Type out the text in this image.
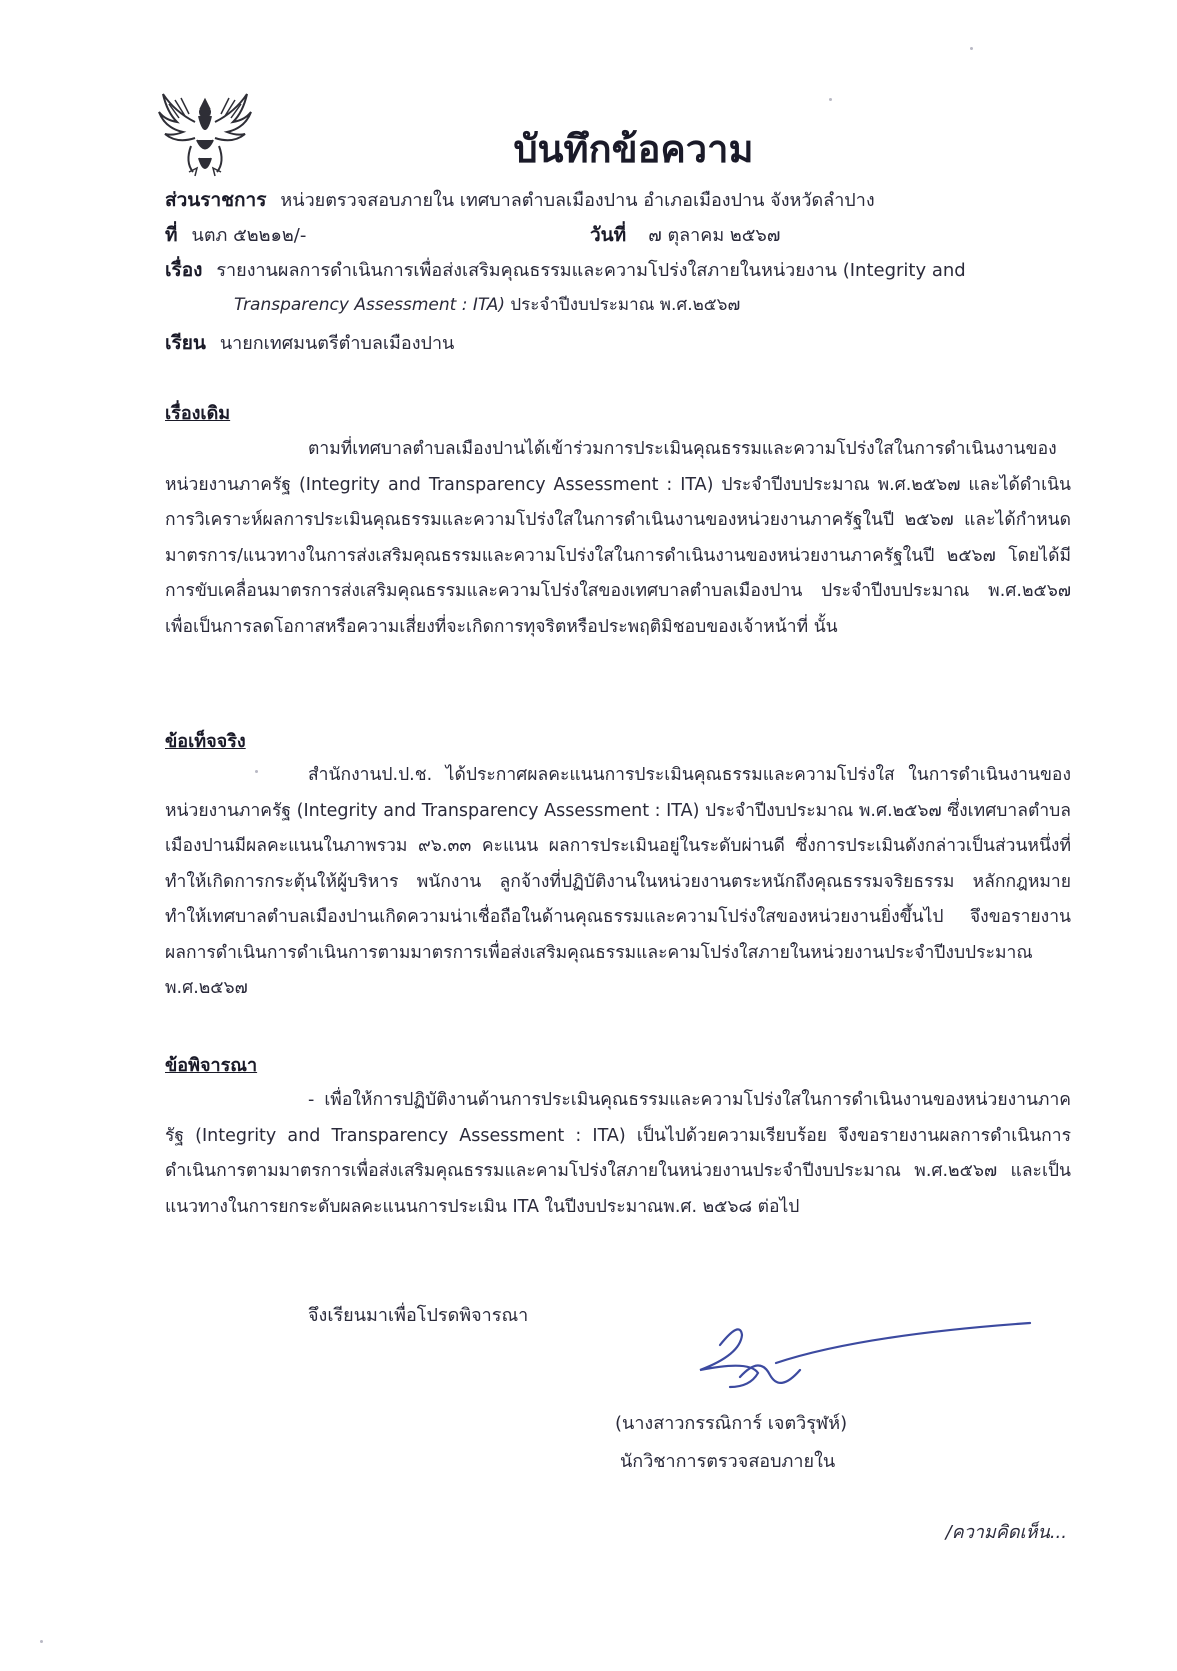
บันทึกข้อความ
ส่วนราชการ หน่วยตรวจสอบภายใน เทศบาลตำบลเมืองปาน อำเภอเมืองปาน จังหวัดลำปาง
ที่ นตภ ๕๒๒๑๒/-	วันที่ ๗ ตุลาคม ๒๕๖๗
เรื่อง รายงานผลการดำเนินการเพื่อส่งเสริมคุณธรรมและความโปร่งใสภายในหน่วยงาน (Integrity and
Transparency Assessment : ITA) ประจำปีงบประมาณ พ.ศ.๒๕๖๗
เรียน นายกเทศมนตรีตำบลเมืองปาน
เรื่องเดิม
ตามที่เทศบาลตำบลเมืองปานได้เข้าร่วมการประเมินคุณธรรมและความโปร่งใสในการดำเนินงานของหน่วยงานภาครัฐ (Integrity and Transparency Assessment : ITA) ประจำปีงบประมาณ พ.ศ.๒๕๖๗ และได้ดำเนินการวิเคราะห์ผลการประเมินคุณธรรมและความโปร่งใสในการดำเนินงานของหน่วยงานภาครัฐในปี ๒๕๖๗ และได้กำหนดมาตรการ/แนวทางในการส่งเสริมคุณธรรมและความโปร่งใสในการดำเนินงานของหน่วยงานภาครัฐในปี ๒๕๖๗ โดยได้มีการขับเคลื่อนมาตรการส่งเสริมคุณธรรมและความโปร่งใสของเทศบาลตำบลเมืองปาน ประจำปีงบประมาณ พ.ศ.๒๕๖๗ เพื่อเป็นการลดโอกาสหรือความเสี่ยงที่จะเกิดการทุจริตหรือประพฤติมิชอบของเจ้าหน้าที่ นั้น
ข้อเท็จจริง
สำนักงานป.ป.ช. ได้ประกาศผลคะแนนการประเมินคุณธรรมและความโปร่งใส ในการดำเนินงานของหน่วยงานภาครัฐ (Integrity and Transparency Assessment : ITA) ประจำปีงบประมาณ พ.ศ.๒๕๖๗ ซึ่งเทศบาลตำบลเมืองปานมีผลคะแนนในภาพรวม ๙๖.๓๓ คะแนน ผลการประเมินอยู่ในระดับผ่านดี ซึ่งการประเมินดังกล่าวเป็นส่วนหนึ่งที่ทำให้เกิดการกระตุ้นให้ผู้บริหาร พนักงาน ลูกจ้างที่ปฏิบัติงานในหน่วยงานตระหนักถึงคุณธรรมจริยธรรม หลักกฎหมาย ทำให้เทศบาลตำบลเมืองปานเกิดความน่าเชื่อถือในด้านคุณธรรมและความโปร่งใสของหน่วยงานยิ่งขึ้นไป จึงขอรายงานผลการดำเนินการดำเนินการตามมาตรการเพื่อส่งเสริมคุณธรรมและคามโปร่งใสภายในหน่วยงานประจำปีงบประมาณ พ.ศ.๒๕๖๗
ข้อพิจารณา
- เพื่อให้การปฏิบัติงานด้านการประเมินคุณธรรมและความโปร่งใสในการดำเนินงานของหน่วยงานภาครัฐ (Integrity and Transparency Assessment : ITA) เป็นไปด้วยความเรียบร้อย จึงขอรายงานผลการดำเนินการดำเนินการตามมาตรการเพื่อส่งเสริมคุณธรรมและคามโปร่งใสภายในหน่วยงานประจำปีงบประมาณ พ.ศ.๒๕๖๗ และเป็นแนวทางในการยกระดับผลคะแนนการประเมิน ITA ในปีงบประมาณพ.ศ. ๒๕๖๘ ต่อไป
จึงเรียนมาเพื่อโปรดพิจารณา
(นางสาวกรรณิการ์ เจตวิรุฬห์)
นักวิชาการตรวจสอบภายใน
/ความคิดเห็น...
